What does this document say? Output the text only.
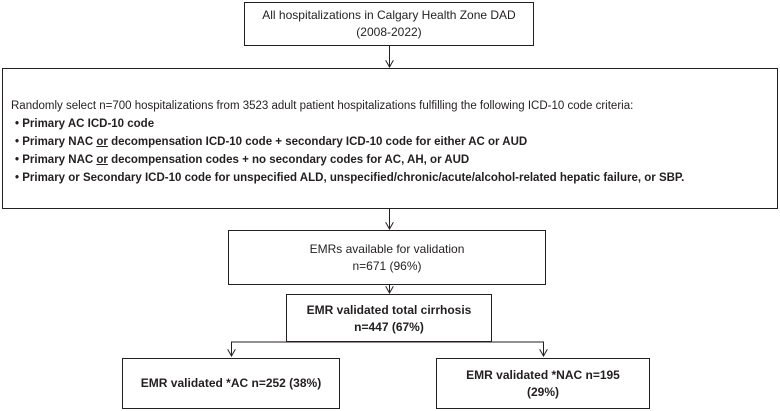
All hospitalizations in Calgary Health Zone DAD
(2008-2022)
Randomly select n=700 hospitalizations from 3523 adult patient hospitalizations fulfilling the following ICD-10 code criteria:
• Primary AC ICD-10 code
• Primary NAC or decompensation ICD-10 code + secondary ICD-10 code for either AC or AUD
• Primary NAC or decompensation codes + no secondary codes for AC, AH, or AUD
• Primary or Secondary ICD-10 code for unspecified ALD, unspecified/chronic/acute/alcohol-related hepatic failure, or SBP.
EMRs available for validation
n=671 (96%)
EMR validated total cirrhosis
n=447 (67%)
EMR validated *AC n=252 (38%)
EMR validated *NAC n=195
(29%)
